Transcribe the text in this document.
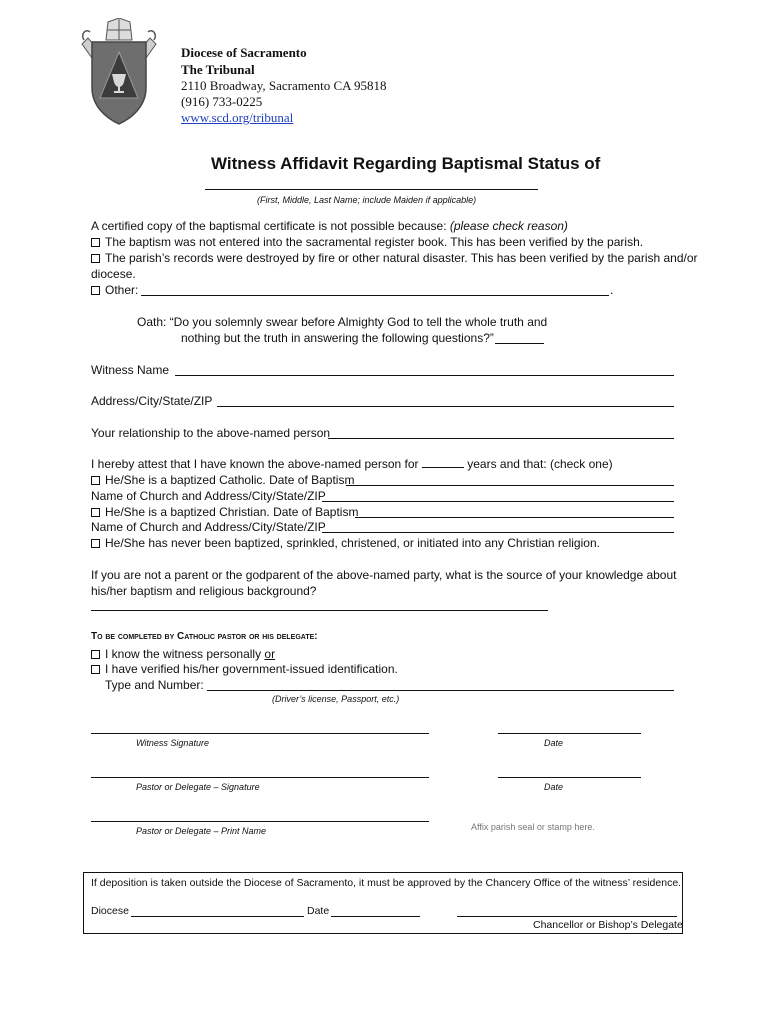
Diocese of Sacramento
The Tribunal
2110 Broadway, Sacramento CA 95818
(916) 733-0225
www.scd.org/tribunal
Witness Affidavit Regarding Baptismal Status of
(First, Middle, Last Name; include Maiden if applicable)
A certified copy of the baptismal certificate is not possible because: (please check reason)
The baptism was not entered into the sacramental register book. This has been verified by the parish.
The parish’s records were destroyed by fire or other natural disaster. This has been verified by the parish and/or
diocese.
Other:	.
Oath: “Do you solemnly swear before Almighty God to tell the whole truth and
nothing but the truth in answering the following questions?”
Witness Name
Address/City/State/ZIP
Your relationship to the above-named person
I hereby attest that I have known the above-named person for	years and that: (check one)
He/She is a baptized Catholic. Date of Baptism
Name of Church and Address/City/State/ZIP
He/She is a baptized Christian. Date of Baptism
Name of Church and Address/City/State/ZIP
He/She has never been baptized, sprinkled, christened, or initiated into any Christian religion.
If you are not a parent or the godparent of the above-named party, what is the source of your knowledge about
his/her baptism and religious background?
To be completed by Catholic pastor or his delegate:
I know the witness personally or
I have verified his/her government-issued identification.
Type and Number:
(Driver’s license, Passport, etc.)
Witness Signature	Date
Pastor or Delegate – Signature	Date
Pastor or Delegate – Print Name	Affix parish seal or stamp here.
If deposition is taken outside the Diocese of Sacramento, it must be approved by the Chancery Office of the witness’ residence.
Diocese	Date
Chancellor or Bishop’s Delegate
